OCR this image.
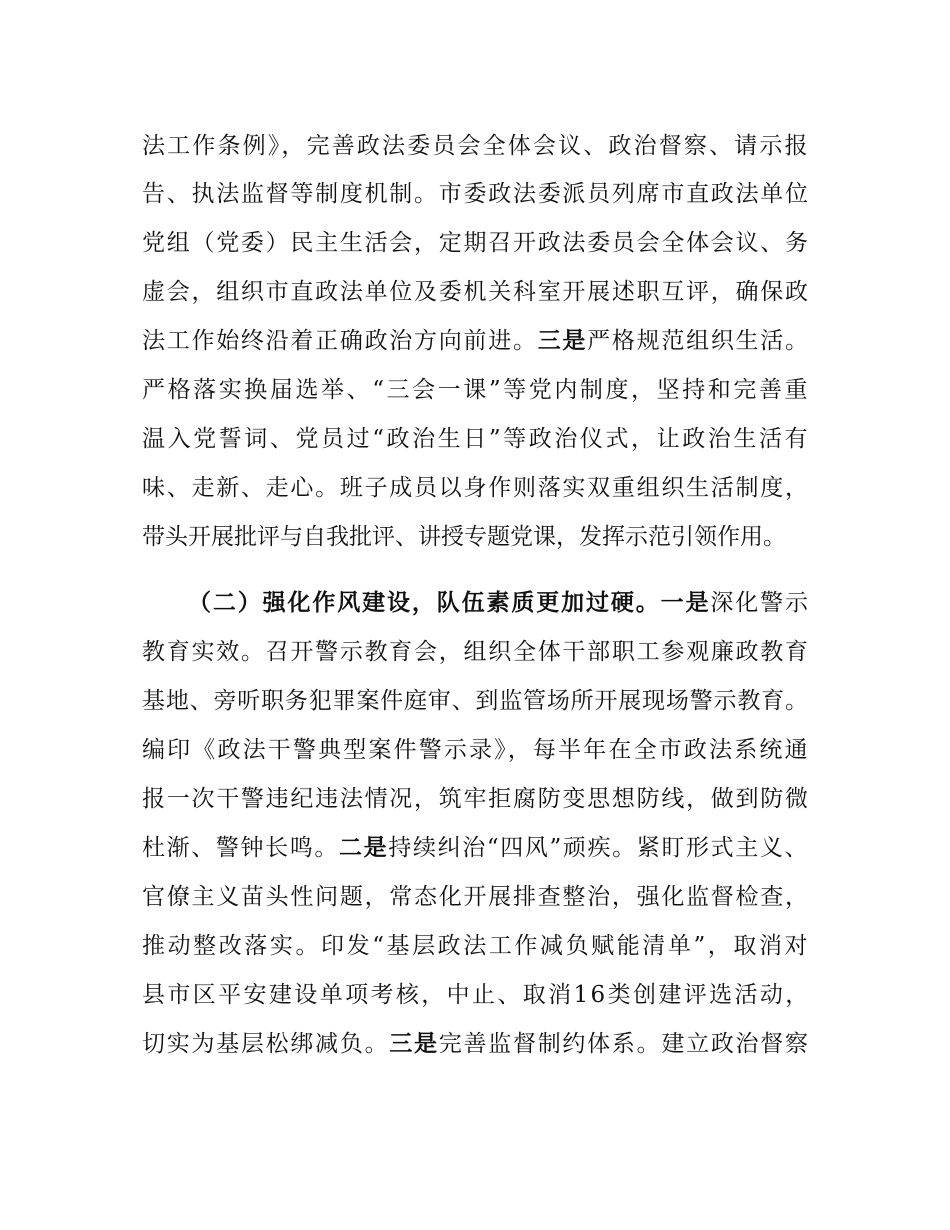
法工作条例》，完善政法委员会全体会议、政治督察、请示报
告、执法监督等制度机制。市委政法委派员列席市直政法单位
党组（党委）民主生活会，定期召开政法委员会全体会议、务
虚会，组织市直政法单位及委机关科室开展述职互评，确保政
法工作始终沿着正确政治方向前进。三是严格规范组织生活。
严格落实换届选举、“三会一课”等党内制度，坚持和完善重
温入党誓词、党员过“政治生日”等政治仪式，让政治生活有
味、走新、走心。班子成员以身作则落实双重组织生活制度，
带头开展批评与自我批评、讲授专题党课，发挥示范引领作用。
（二）强化作风建设，队伍素质更加过硬。一是深化警示
教育实效。召开警示教育会，组织全体干部职工参观廉政教育
基地、旁听职务犯罪案件庭审、到监管场所开展现场警示教育。
编印《政法干警典型案件警示录》，每半年在全市政法系统通
报一次干警违纪违法情况，筑牢拒腐防变思想防线，做到防微
杜渐、警钟长鸣。二是持续纠治“四风”顽疾。紧盯形式主义、
官僚主义苗头性问题，常态化开展排查整治，强化监督检查，
推动整改落实。印发“基层政法工作减负赋能清单”，取消对
县市区平安建设单项考核，中止、取消16类创建评选活动，
切实为基层松绑减负。三是完善监督制约体系。建立政治督察
